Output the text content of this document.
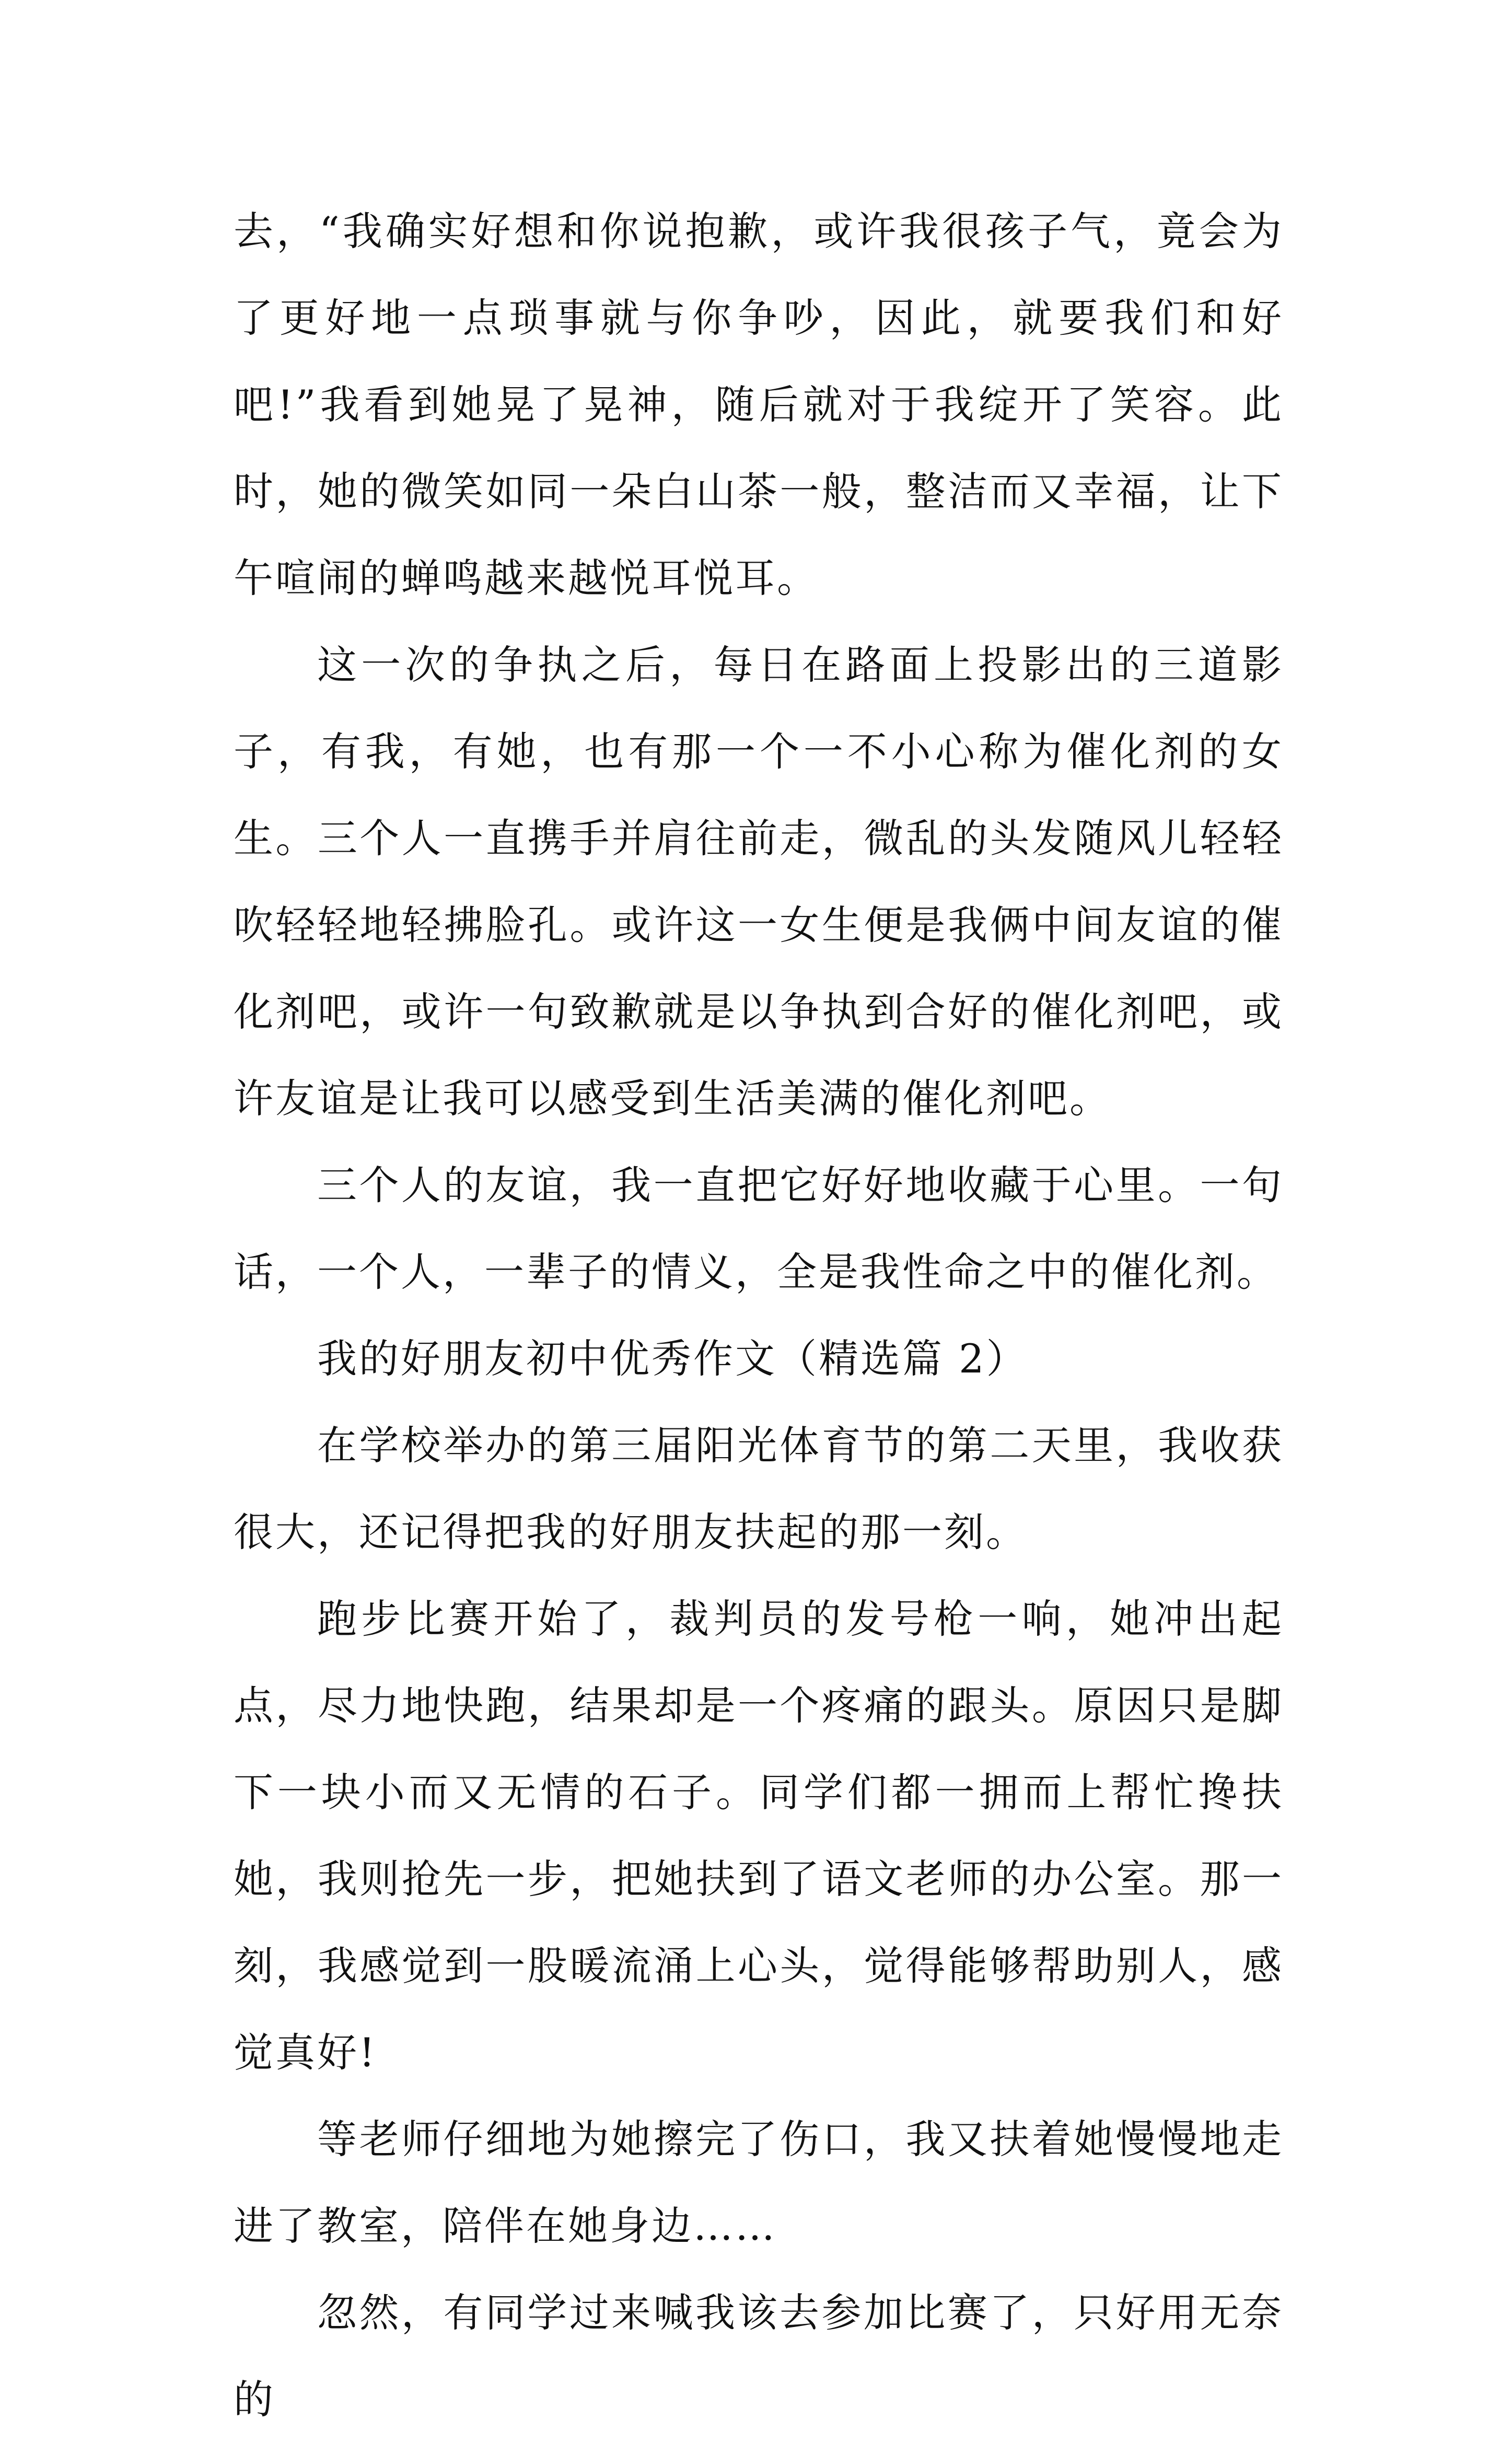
去，“我确实好想和你说抱歉，或许我很孩子气，竟会为了更好地一点琐事就与你争吵，因此，就要我们和好吧!”我看到她晃了晃神，随后就对于我绽开了笑容。此时，她的微笑如同一朵白山茶一般，整洁而又幸福，让下午喧闹的蝉鸣越来越悦耳悦耳。

这一次的争执之后，每日在路面上投影出的三道影子，有我，有她，也有那一个一不小心称为催化剂的女生。三个人一直携手并肩往前走，微乱的头发随风儿轻轻吹轻轻地轻拂脸孔。或许这一女生便是我俩中间友谊的催化剂吧，或许一句致歉就是以争执到合好的催化剂吧，或许友谊是让我可以感受到生活美满的催化剂吧。

三个人的友谊，我一直把它好好地收藏于心里。一句话，一个人，一辈子的情义，全是我性命之中的催化剂。

我的好朋友初中优秀作文（精选篇 2）

在学校举办的第三届阳光体育节的第二天里，我收获很大，还记得把我的好朋友扶起的那一刻。

跑步比赛开始了，裁判员的发号枪一响，她冲出起点，尽力地快跑，结果却是一个疼痛的跟头。原因只是脚下一块小而又无情的石子。同学们都一拥而上帮忙搀扶她，我则抢先一步，把她扶到了语文老师的办公室。那一刻，我感觉到一股暖流涌上心头，觉得能够帮助别人，感觉真好!

等老师仔细地为她擦完了伤口，我又扶着她慢慢地走进了教室，陪伴在她身边……

忽然，有同学过来喊我该去参加比赛了，只好用无奈的
